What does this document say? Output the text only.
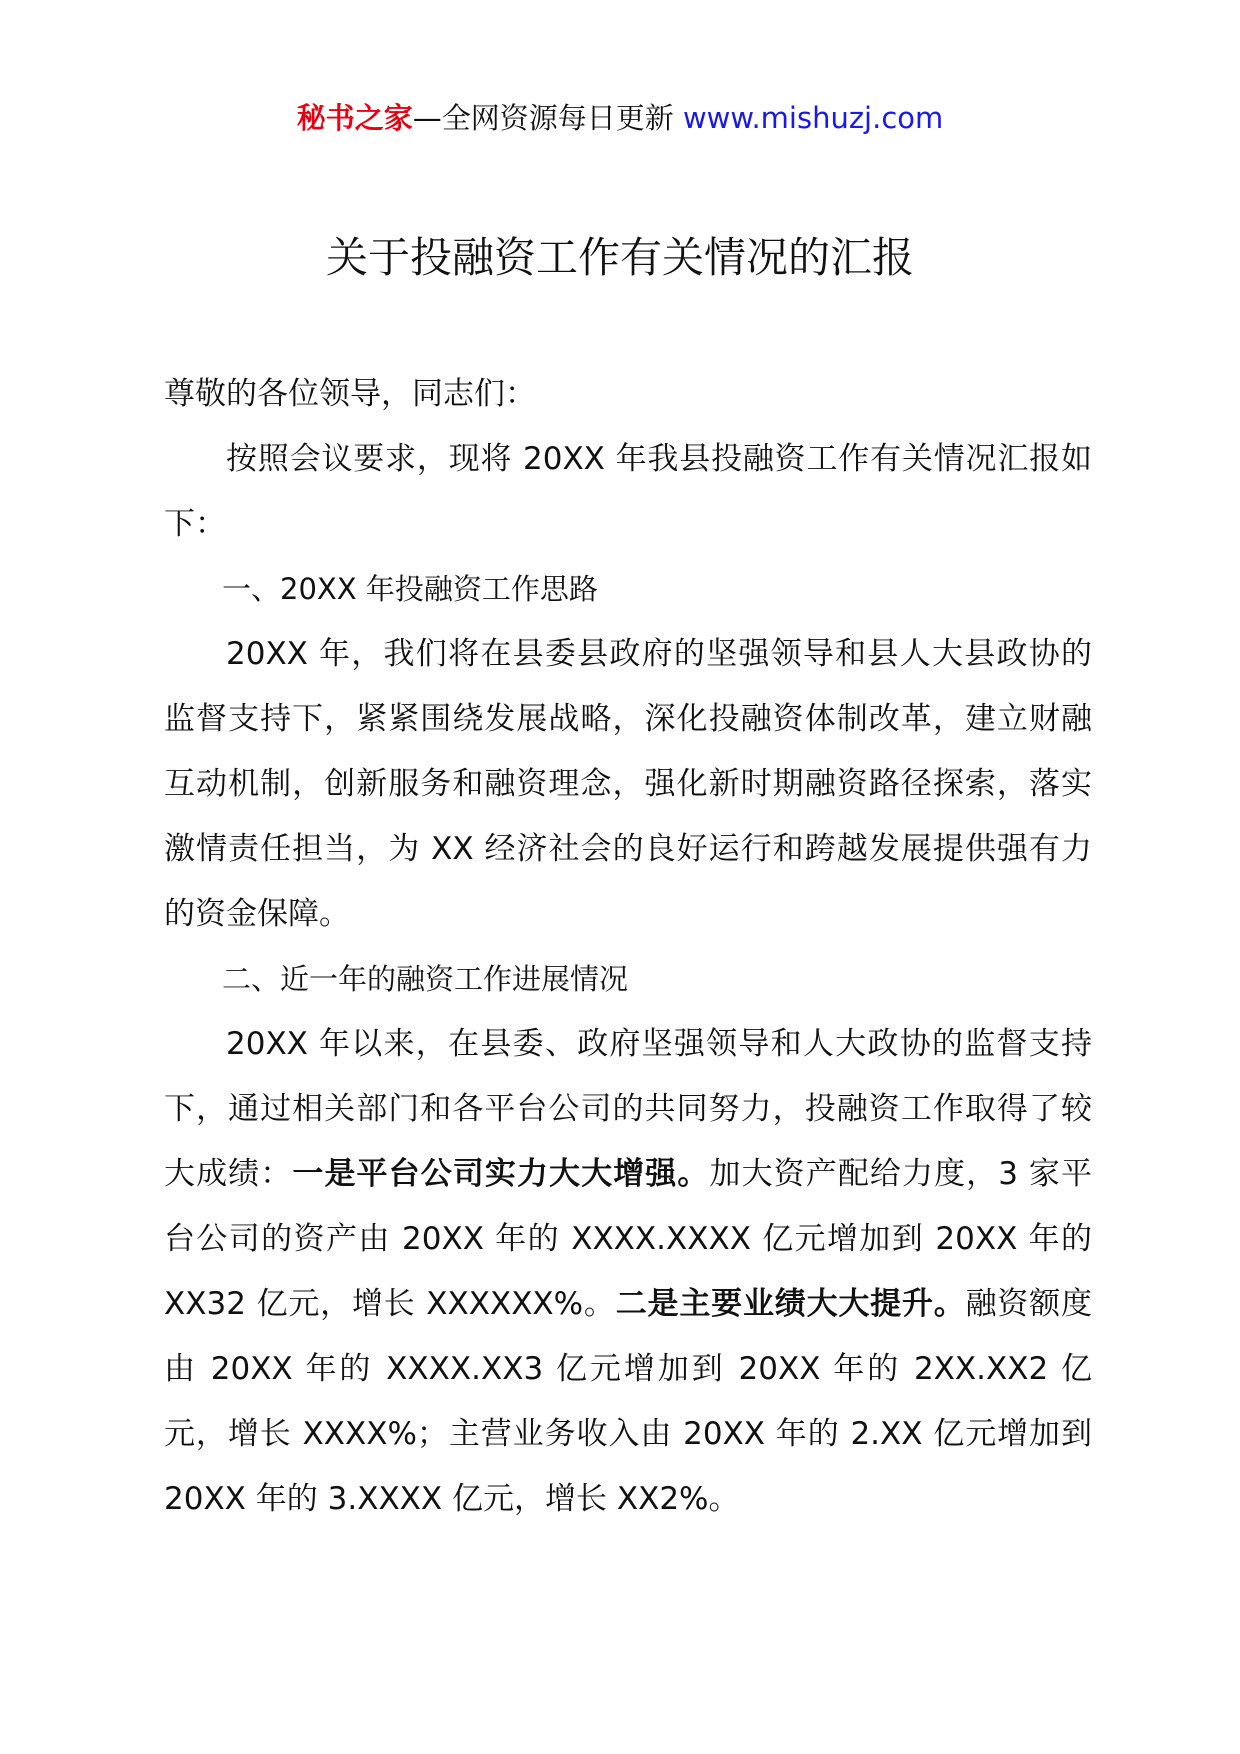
秘书之家—全网资源每日更新 www.mishuzj.com
关于投融资工作有关情况的汇报

尊敬的各位领导，同志们：

按照会议要求，现将 20XX 年我县投融资工作有关情况汇报如下：

一、20XX 年投融资工作思路

20XX 年，我们将在县委县政府的坚强领导和县人大县政协的监督支持下，紧紧围绕发展战略，深化投融资体制改革，建立财融互动机制，创新服务和融资理念，强化新时期融资路径探索，落实激情责任担当，为 XX 经济社会的良好运行和跨越发展提供强有力的资金保障。

二、近一年的融资工作进展情况

20XX 年以来，在县委、政府坚强领导和人大政协的监督支持下，通过相关部门和各平台公司的共同努力，投融资工作取得了较大成绩：一是平台公司实力大大增强。加大资产配给力度，3 家平台公司的资产由 20XX 年的 XXXX.XXXX 亿元增加到 20XX 年的 XX32 亿元，增长 XXXXXX%。二是主要业绩大大提升。融资额度由 20XX 年的 XXXX.XX3 亿元增加到 20XX 年的 2XX.XX2 亿元，增长 XXXX%；主营业务收入由 20XX 年的 2.XX 亿元增加到 20XX 年的 3.XXXX 亿元，增长 XX2%。
